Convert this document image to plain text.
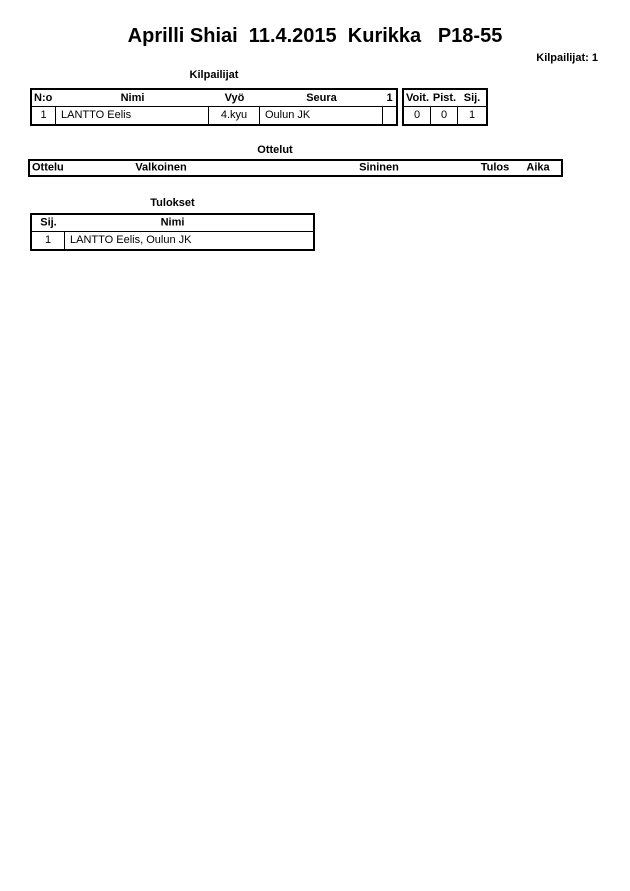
Aprilli Shiai  11.4.2015  Kurikka   P18-55
Kilpailijat: 1
Kilpailijat
N:o	Nimi	Vyö	Seura	1
1	LANTTO Eelis	4.kyu	Oulun JK
Voit. Pist. Sij.
0	0	1
Ottelut
Ottelu	Valkoinen	Sininen	Tulos Aika
Tulokset
Sij.	Nimi
1	LANTTO Eelis, Oulun JK
